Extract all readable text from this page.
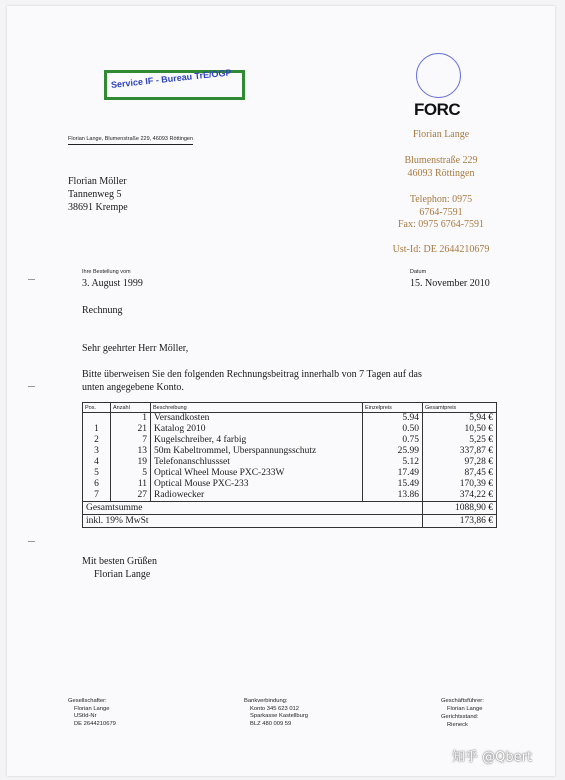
Service IF - Bureau TrE/OGP
FORC
Florian Lange
Blumenstraße 229
46093 Röttingen
Telephon: 0975
6764-7591
Fax: 0975 6764-7591
Ust-Id: DE 2644210679
Florian Lange, Blumenstraße 229, 46093 Röttingen
Florian Möller
Tannenweg 5
38691 Krempe
Ihre Bestellung vom
3. August 1999
Datum
15. November 2010
Rechnung
Sehr geehrter Herr Möller,
Bitte überweisen Sie den folgenden Rechnungsbeitrag innerhalb von 7 Tagen auf das
unten angegebene Konto.
Pos.	Anzahl	Beschreibung	Einzelpreis	Gesamtpreis
	1	Versandkosten	5.94	5,94 €
1	21	Katalog 2010	0.50	10,50 €
2	7	Kugelschreiber, 4 farbig	0.75	5,25 €
3	13	50m Kabeltrommel, Überspannungsschutz	25.99	337,87 €
4	19	Telefonanschlussset	5.12	97,28 €
5	5	Optical Wheel Mouse PXC-233W	17.49	87,45 €
6	11	Optical Mouse PXC-233	15.49	170,39 €
7	27	Radiowecker	13.86	374,22 €
Gesamtsumme				1088,90 €
inkl. 19% MwSt				173,86 €
Mit besten Grüßen
Florian Lange
Gesellschafter:
Florian Lange
UStId-Nr
DE 2644210679
Bankverbindung:
Konto 345 623 012
Sparkasse Kastellburg
BLZ 480 009 59
Geschäftsführer:
Florian Lange
Gerichtsstand:
Rieneck
知乎 @Qbert
